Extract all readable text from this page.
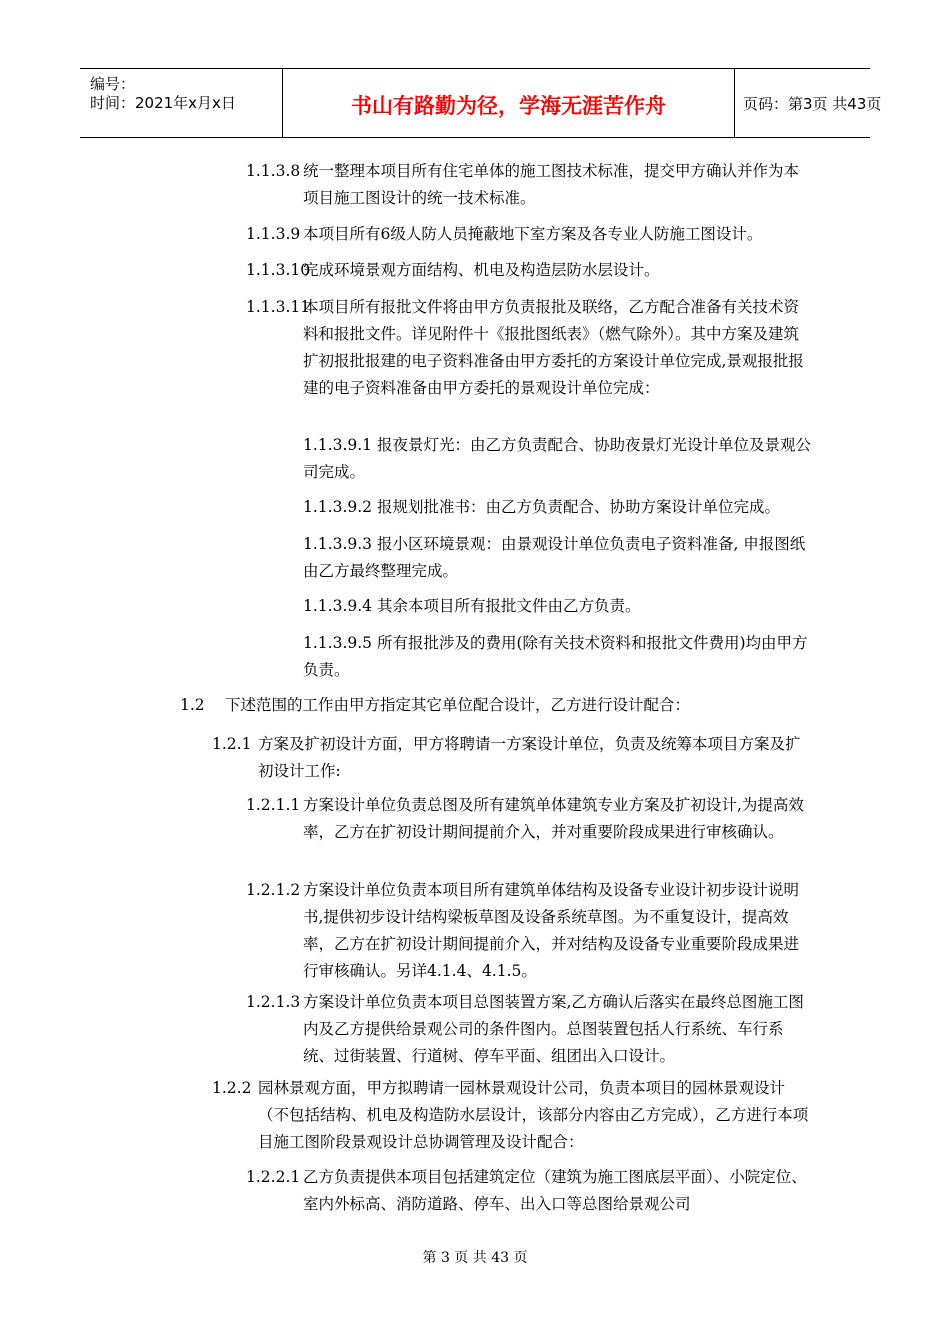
编号：
时间：2021年x月x日	书山有路勤为径，学海无涯苦作舟	页码：第3页 共43页
1.1.3.8 统一整理本项目所有住宅单体的施工图技术标准，提交甲方确认并作为本项目施工图设计的统一技术标准。
1.1.3.9 本项目所有6级人防人员掩蔽地下室方案及各专业人防施工图设计。
1.1.3.10
完成环境景观方面结构、机电及构造层防水层设计。
1.1.3.11
本项目所有报批文件将由甲方负责报批及联络，乙方配合准备有关技术资料和报批文件。详见附件十《报批图纸表》（燃气除外）。其中方案及建筑扩初报批报建的电子资料准备由甲方委托的方案设计单位完成,景观报批报建的电子资料准备由甲方委托的景观设计单位完成：
1.1.3.9.1 报夜景灯光：由乙方负责配合、协助夜景灯光设计单位及景观公司完成。
1.1.3.9.2 报规划批准书：由乙方负责配合、协助方案设计单位完成。
1.1.3.9.3 报小区环境景观：由景观设计单位负责电子资料准备, 申报图纸由乙方最终整理完成。
1.1.3.9.4 其余本项目所有报批文件由乙方负责。
1.1.3.9.5 所有报批涉及的费用(除有关技术资料和报批文件费用)均由甲方负责。
1.2 下述范围的工作由甲方指定其它单位配合设计，乙方进行设计配合：
1.2.1 方案及扩初设计方面，甲方将聘请一方案设计单位，负责及统筹本项目方案及扩初设计工作:
1.2.1.1 方案设计单位负责总图及所有建筑单体建筑专业方案及扩初设计,为提高效率，乙方在扩初设计期间提前介入，并对重要阶段成果进行审核确认。
1.2.1.2 方案设计单位负责本项目所有建筑单体结构及设备专业设计初步设计说明书,提供初步设计结构梁板草图及设备系统草图。为不重复设计，提高效率，乙方在扩初设计期间提前介入，并对结构及设备专业重要阶段成果进行审核确认。另详4.1.4、4.1.5。
1.2.1.3 方案设计单位负责本项目总图装置方案,乙方确认后落实在最终总图施工图内及乙方提供给景观公司的条件图内。总图装置包括人行系统、车行系统、过街装置、行道树、停车平面、组团出入口设计。
1.2.2 园林景观方面，甲方拟聘请一园林景观设计公司，负责本项目的园林景观设计（不包括结构、机电及构造防水层设计，该部分内容由乙方完成），乙方进行本项目施工图阶段景观设计总协调管理及设计配合：
1.2.2.1 乙方负责提供本项目包括建筑定位（建筑为施工图底层平面）、小院定位、室内外标高、消防道路、停车、出入口等总图给景观公司
第 3 页 共 43 页
